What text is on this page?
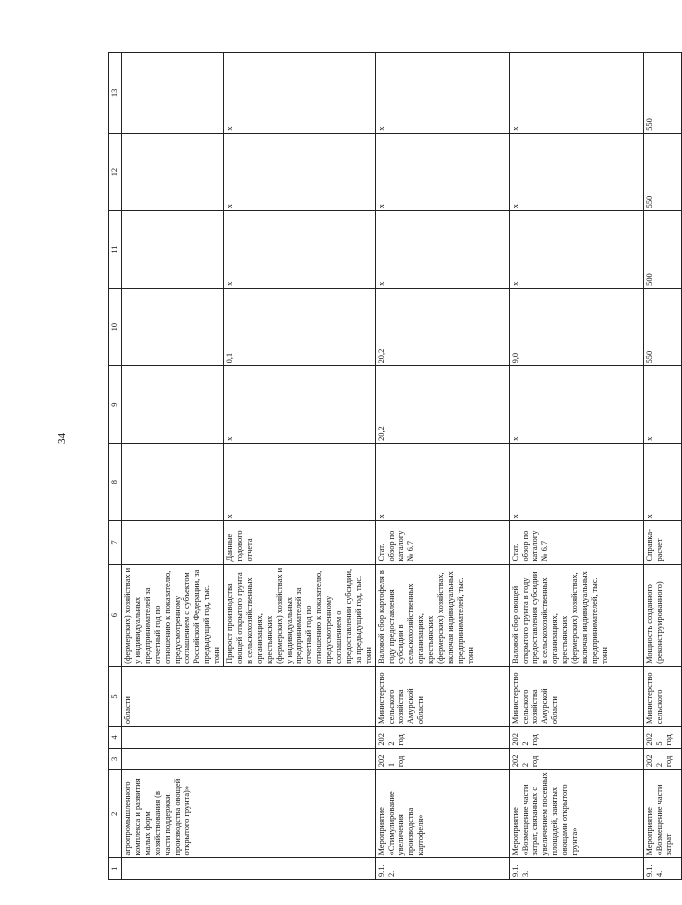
34
1	2	3	4	5	6	7	8	9	10	11	12	13
	агропромышленного комплекса и развития малых форм хозяйствования (в части поддержки производства овощей открытого грунта)»			области	(фермерских) хозяйствах и у индивидуальных предпринимателей за отчетный год по отношению к показателю, предусмотренному соглашением с субъектом Российской Федерации, за предыдущий год, тыс. тонн							
					Прирост производства овощей открытого грунта в сельскохозяйственных организациях, крестьянских (фермерских) хозяйствах и у индивидуальных предпринимателей за отчетный год по отношению к показателю, предусмотренному соглашением о предоставлении субсидии, за предыдущий год, тыс. тонн	Данные годового отчета	х	х	0,1	х	х	х
9.1.2.	Мероприятие «Стимулирование увеличения производства картофеля»	2021 год	2022 год	Министерство сельского хозяйства Амурской области	Валовой сбор картофеля в году предоставления субсидии в сельскохозяйственных организациях, крестьянских (фермерских) хозяйствах, включая индивидуальных предпринимателей, тыс. тонн	Стат. обзор по каталогу № 6.7	х	20,2	20,2	х	х	х
9.1.3.	Мероприятие «Возмещение части затрат, связанных с увеличением посевных площадей, занятых овощами открытого грунта»	2022 год	2022 год	Министерство сельского хозяйства Амурской области	Валовой сбор овощей открытого грунта в году предоставления субсидии в сельскохозяйственных организациях, крестьянских (фермерских) хозяйствах, включая индивидуальных предпринимателей, тыс. тонн	Стат. обзор по каталогу № 6.7	х	х	9,0	х	х	х
9.1.4.	Мероприятие «Возмещение части затрат	2022 год	2025 год	Министерство сельского	Мощность созданного (реконструированного)	Справка-расчет	х	х	550	500	550	550
